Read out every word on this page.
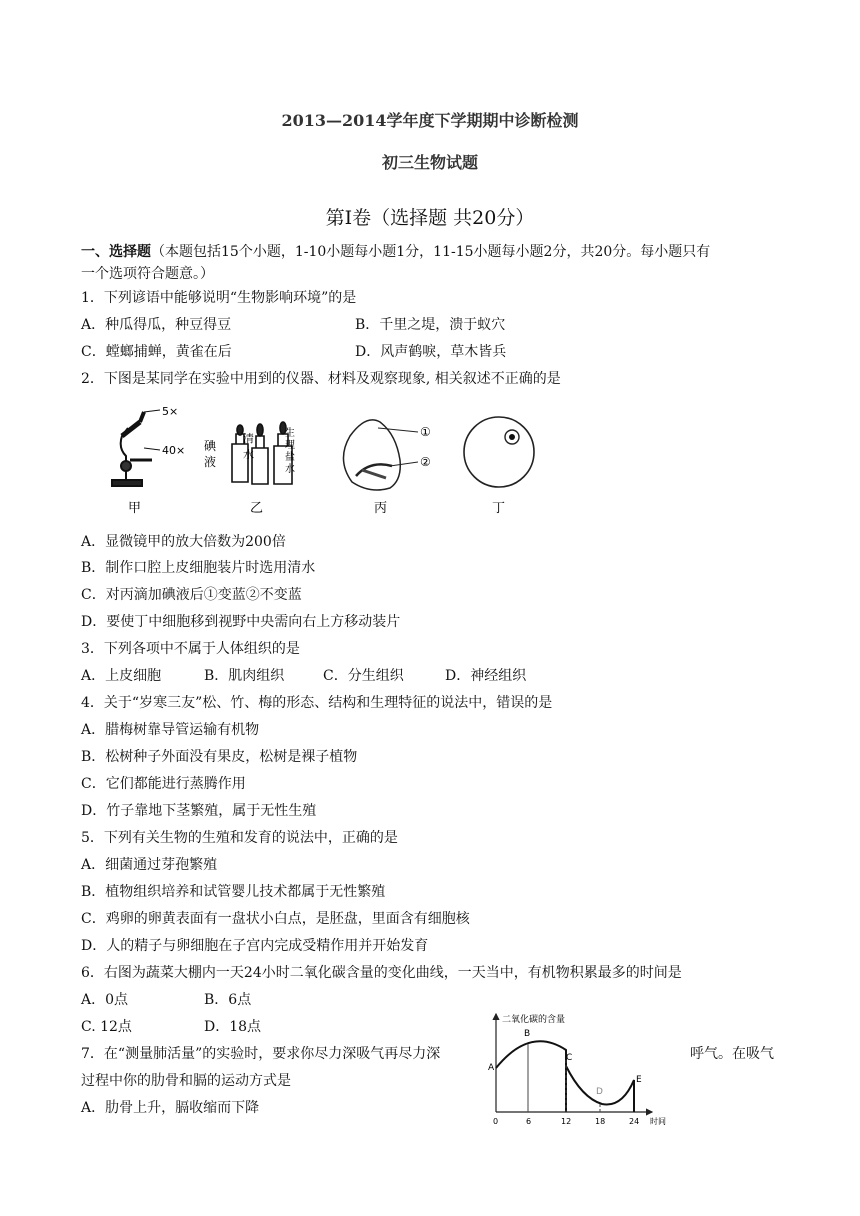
2013—2014学年度下学期期中诊断检测
初三生物试题
第Ⅰ卷（选择题 共20分）
一、选择题（本题包括15个小题，1-10小题每小题1分，11-15小题每小题2分，共20分。每小题只有
一个选项符合题意。）
1．下列谚语中能够说明“生物影响环境”的是
A．种瓜得瓜，种豆得豆	B．千里之堤，溃于蚁穴
C．螳螂捕蝉，黄雀在后	D．风声鹤唳，草木皆兵
2．下图是某同学在实验中用到的仪器、材料及观察现象, 相关叙述不正确的是
5×
40× 碘
液
清
水
生
理
盐
水
①
②
甲	乙	丙	丁
A．显微镜甲的放大倍数为200倍
B．制作口腔上皮细胞装片时选用清水
C．对丙滴加碘液后①变蓝②不变蓝
D．要使丁中细胞移到视野中央需向右上方移动装片
3．下列各项中不属于人体组织的是
A．上皮细胞	B．肌肉组织	C．分生组织	D．神经组织
4．关于“岁寒三友”松、竹、梅的形态、结构和生理特征的说法中，错误的是
A．腊梅树靠导管运输有机物
B．松树种子外面没有果皮，松树是裸子植物
C．它们都能进行蒸腾作用
D．竹子靠地下茎繁殖，属于无性生殖
5．下列有关生物的生殖和发育的说法中，正确的是
A．细菌通过芽孢繁殖
B．植物组织培养和试管婴儿技术都属于无性繁殖
C．鸡卵的卵黄表面有一盘状小白点，是胚盘，里面含有细胞核
D．人的精子与卵细胞在子宫内完成受精作用并开始发育
6．右图为蔬菜大棚内一天24小时二氧化碳含量的变化曲线，一天当中，有机物积累最多的时间是
A．0点	B．6点
C. 12点	D．18点	二氧化碳的含量
时间
A
B
C
D
E
0	6	12	18	24
7．在“测量肺活量”的实验时，要求你尽力深吸气再尽力深	呼气。在吸气
过程中你的肋骨和膈的运动方式是
A．肋骨上升，膈收缩而下降
